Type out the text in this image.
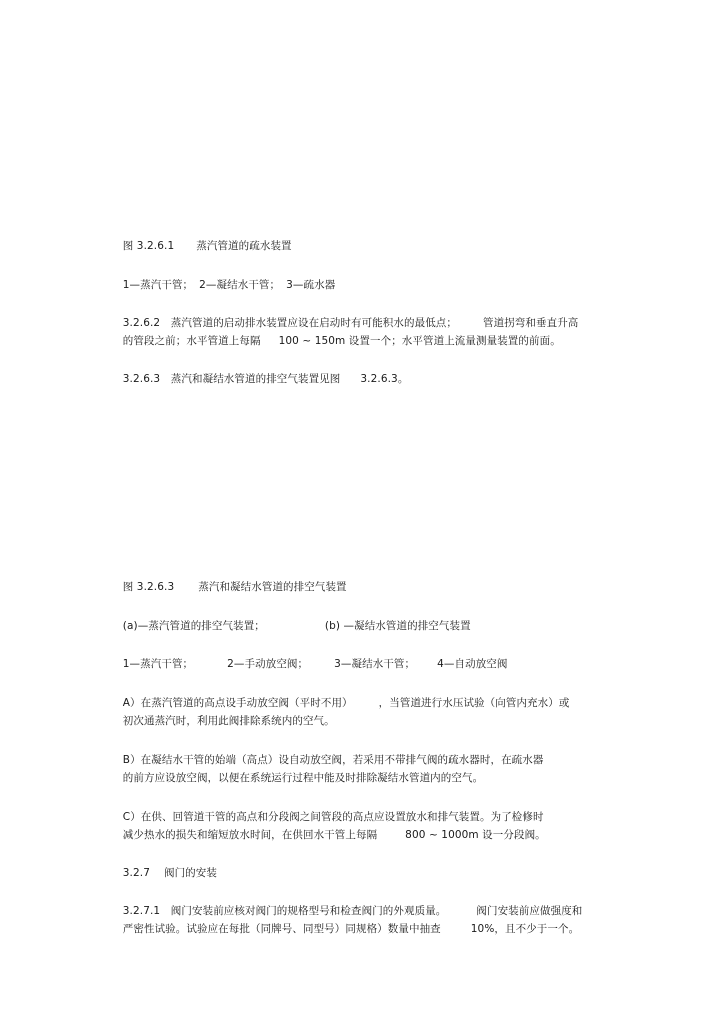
图 3.2.6.1 蒸汽管道的疏水装置

1—蒸汽干管； 2—凝结水干管； 3—疏水器

3.2.6.2　蒸汽管道的启动排水装置应设在启动时有可能积水的最低点； 管道拐弯和垂直升高

的管段之前；水平管道上每隔 100 ~ 150m 设置一个；水平管道上流量测量装置的前面。

3.2.6.3　蒸汽和凝结水管道的排空气装置见图 3.2.6.3。

图 3.2.6.3 蒸汽和凝结水管道的排空气装置

(a)—蒸汽管道的排空气装置；	(b) —凝结水管道的排空气装置

1—蒸汽干管；	2—手动放空阀； 3—凝结水干管； 4—自动放空阀

A）在蒸汽管道的高点设手动放空阀（平时不用） ，当管道进行水压试验（向管内充水）或

初次通蒸汽时，利用此阀排除系统内的空气。

B）在凝结水干管的始端（高点）设自动放空阀，若采用不带排气阀的疏水器时，在疏水器

的前方应设放空阀，以便在系统运行过程中能及时排除凝结水管道内的空气。

C）在供、回管道干管的高点和分段阀之间管段的高点应设置放水和排气装置。为了检修时

减少热水的损失和缩短放水时间，在供回水干管上每隔	800 ~ 1000m 设一分段阀。

3.2.7 阀门的安装

3.2.7.1　阀门安装前应核对阀门的规格型号和检查阀门的外观质量。	阀门安装前应做强度和

严密性试验。试验应在每批（同牌号、同型号）同规格）数量中抽查	10%，且不少于一个。
